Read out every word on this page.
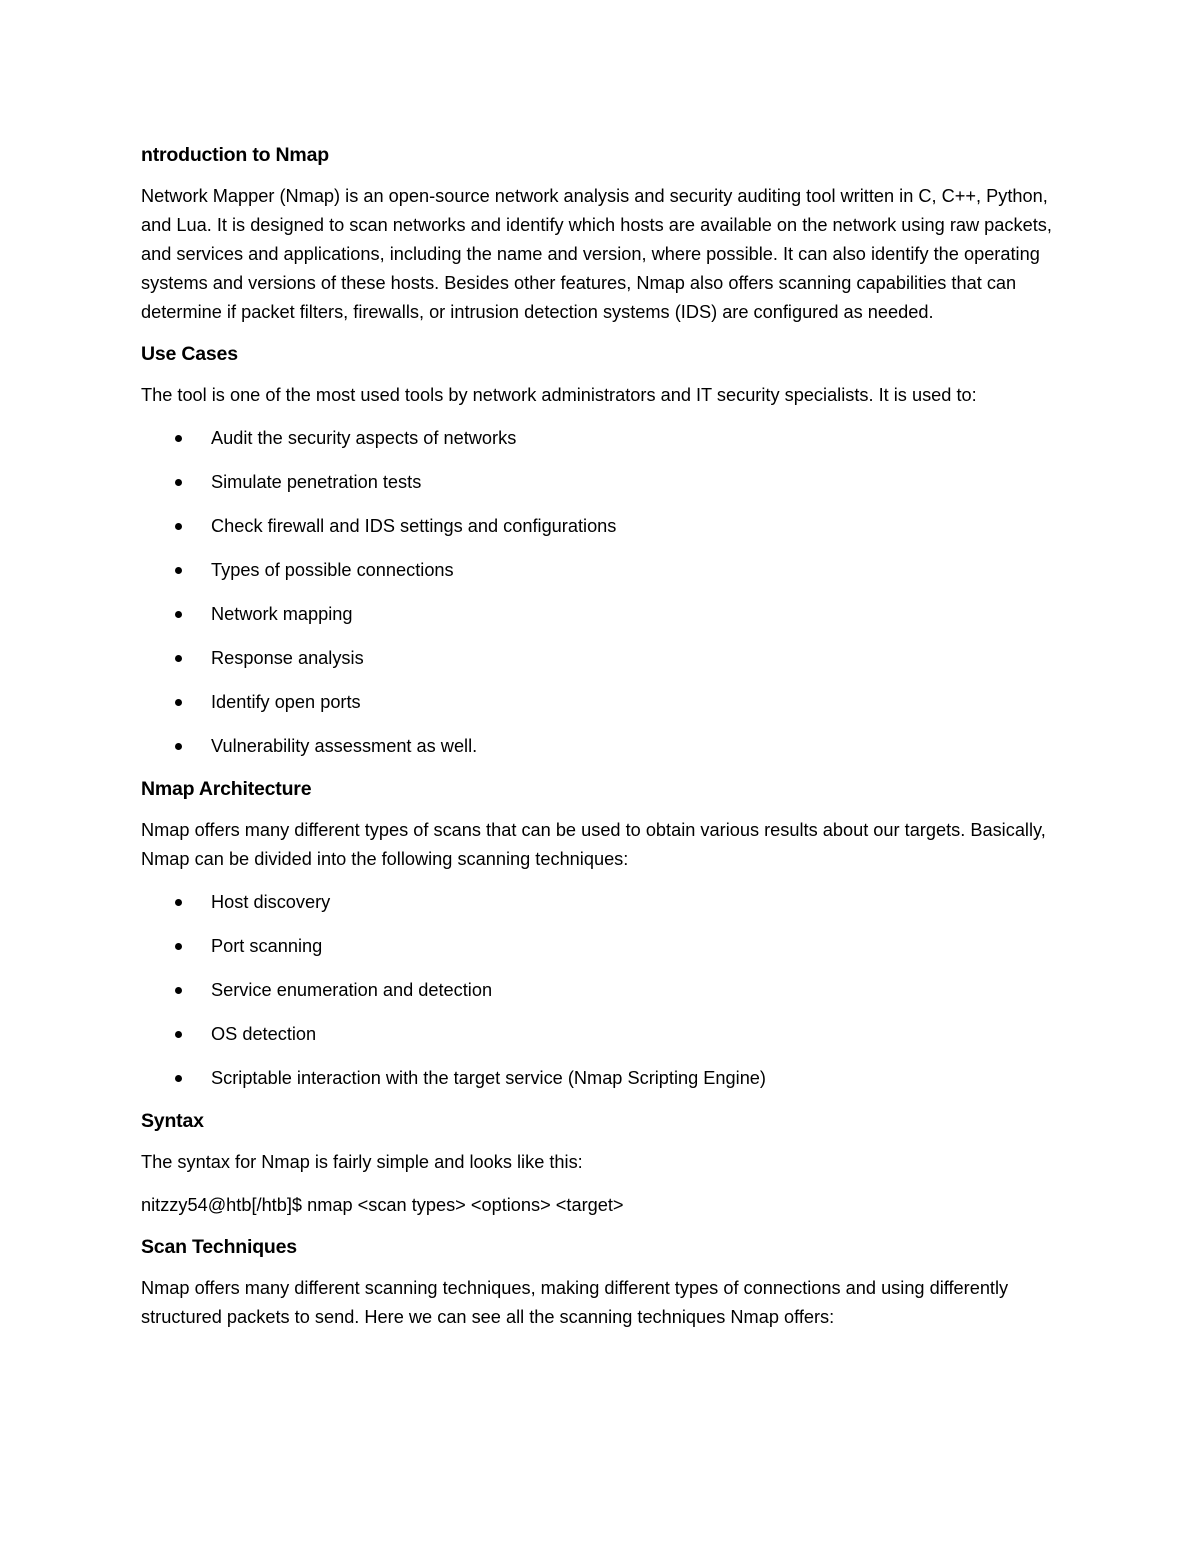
ntroduction to Nmap

Network Mapper (Nmap) is an open-source network analysis and security auditing tool written in C, C++, Python, and Lua. It is designed to scan networks and identify which hosts are available on the network using raw packets, and services and applications, including the name and version, where possible. It can also identify the operating systems and versions of these hosts. Besides other features, Nmap also offers scanning capabilities that can determine if packet filters, firewalls, or intrusion detection systems (IDS) are configured as needed.

Use Cases

The tool is one of the most used tools by network administrators and IT security specialists. It is used to:

Audit the security aspects of networks
Simulate penetration tests
Check firewall and IDS settings and configurations
Types of possible connections
Network mapping
Response analysis
Identify open ports
Vulnerability assessment as well.
Nmap Architecture

Nmap offers many different types of scans that can be used to obtain various results about our targets. Basically, Nmap can be divided into the following scanning techniques:

Host discovery
Port scanning
Service enumeration and detection
OS detection
Scriptable interaction with the target service (Nmap Scripting Engine)
Syntax

The syntax for Nmap is fairly simple and looks like this:

nitzzy54@htb[/htb]$ nmap <scan types> <options> <target>

Scan Techniques

Nmap offers many different scanning techniques, making different types of connections and using differently structured packets to send. Here we can see all the scanning techniques Nmap offers:
